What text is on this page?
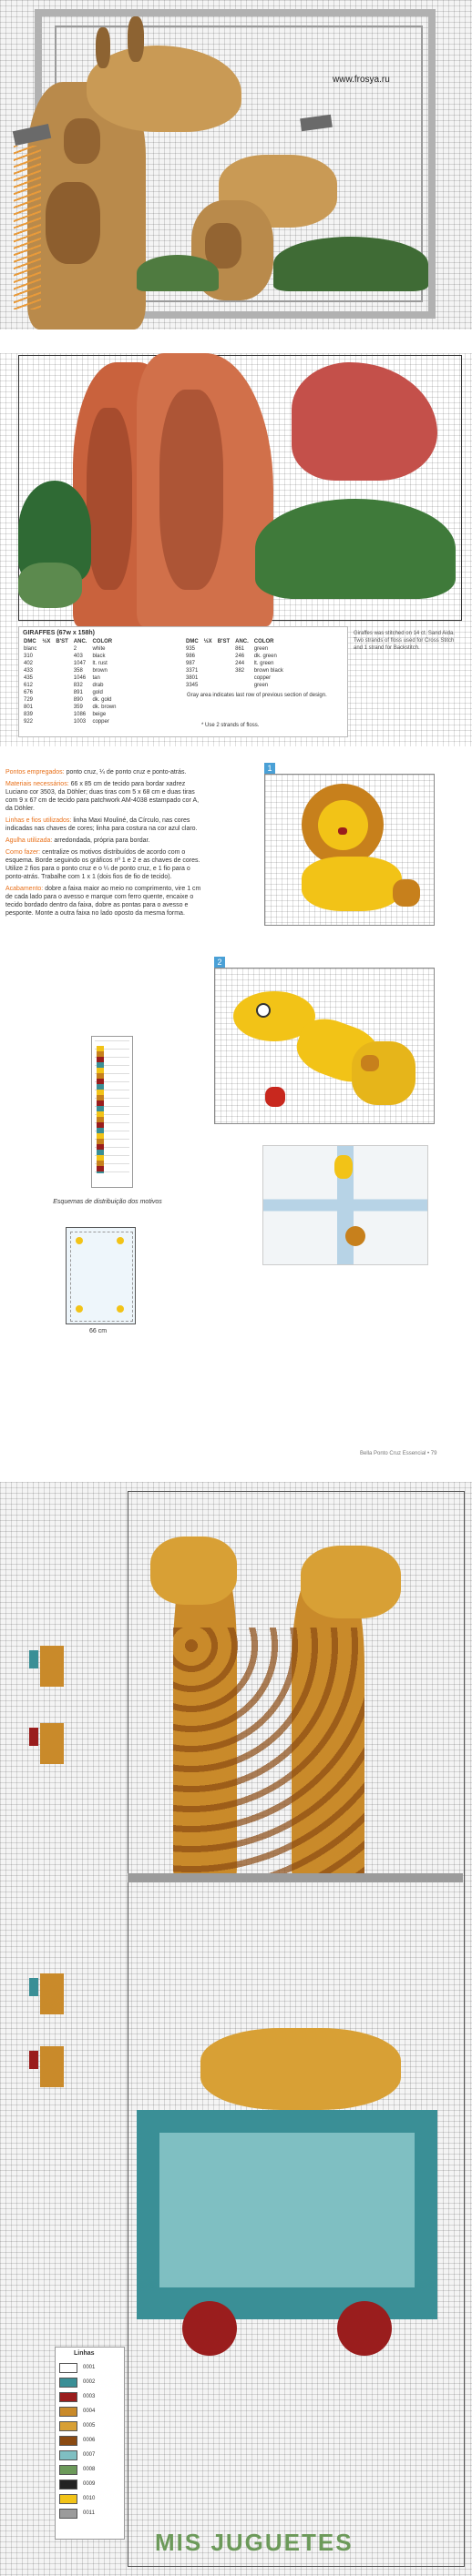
www.frosya.ru
GIRAFFES (67w x 158h)
DMC	½X	B'ST	ANC.	COLOR
blanc			2	white
310			403	black
402			1047	lt. rust
433			358	brown
435			1046	tan
612			832	drab
676			891	gold
729			890	dk. gold
801			359	dk. brown
839			1086	beige
922			1003	copper
DMC	½X	B'ST	ANC.	COLOR
935			861	green
986			246	dk. green
987			244	lt. green
3371			382	brown black
3801				copper
3345				green
Gray area indicates last row of previous section of design.
* Use 2 strands of floss.
Giraffes was stitched on 14 ct. Sand Aida. Two strands of floss used for Cross Stitch and 1 strand for Backstitch.

Pontos empregados: ponto cruz, ¼ de ponto cruz e ponto-atrás.

Materiais necessários: 66 x 85 cm de tecido para bordar xadrez Luciano cor 3503, da Döhler; duas tiras com 5 x 68 cm e duas tiras com 9 x 67 cm de tecido para patchwork AM-4038 estampado cor A, da Döhler.

Linhas e fios utilizados: linha Maxi Mouliné, da Círculo, nas cores indicadas nas chaves de cores; linha para costura na cor azul claro.

Agulha utilizada: arredondada, própria para bordar.

Como fazer: centralize os motivos distribuídos de acordo com o esquema. Borde seguindo os gráficos nº 1 e 2 e as chaves de cores. Utilize 2 fios para o ponto cruz e o ¼ de ponto cruz, e 1 fio para o ponto-atrás. Trabalhe com 1 x 1 (dois fios de fio de tecido).

Acabamento: dobre a faixa maior ao meio no comprimento, vire 1 cm de cada lado para o avesso e marque com ferro quente, encaixe o tecido bordado dentro da faixa, dobre as pontas para o avesso e pesponte. Monte a outra faixa no lado oposto da mesma forma.

Esquemas de distribuição dos motivos
66 cm
1
2
Bella Ponto Cruz Essencial • 79
MIS JUGUETES
Linhas
0001
0002
0003
0004
0005
0006
0007
0008
0009
0010
0011
